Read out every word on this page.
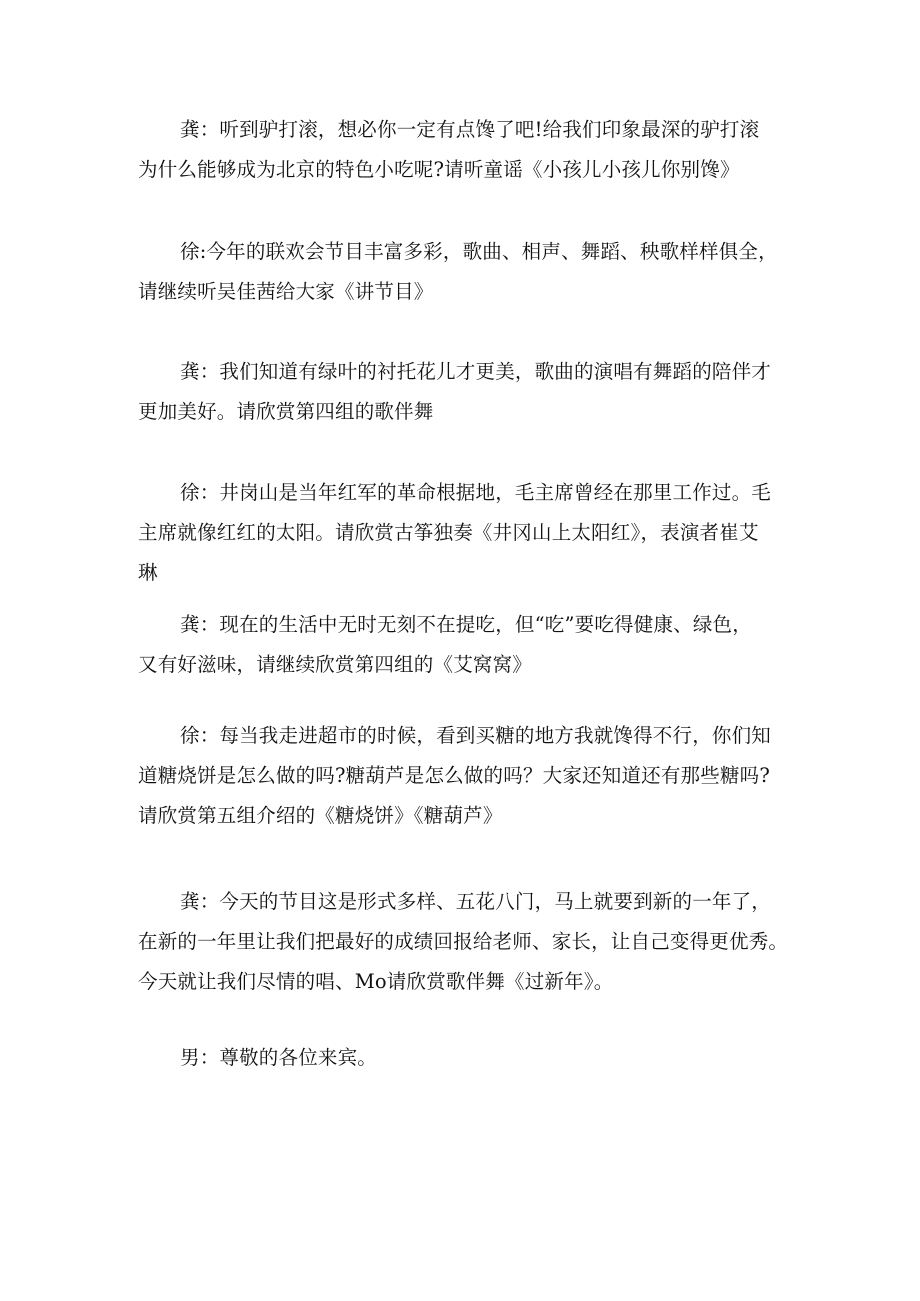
龚：听到驴打滚，想必你一定有点馋了吧!给我们印象最深的驴打滚
为什么能够成为北京的特色小吃呢?请听童谣《小孩儿小孩儿你别馋》

徐:今年的联欢会节目丰富多彩，歌曲、相声、舞蹈、秧歌样样俱全，
请继续听吴佳茜给大家《讲节目》

龚：我们知道有绿叶的衬托花儿才更美，歌曲的演唱有舞蹈的陪伴才
更加美好。请欣赏第四组的歌伴舞

徐：井岗山是当年红军的革命根据地，毛主席曾经在那里工作过。毛
主席就像红红的太阳。请欣赏古筝独奏《井冈山上太阳红》，表演者崔艾
琳

龚：现在的生活中无时无刻不在提吃，但“吃”要吃得健康、绿色，
又有好滋味，请继续欣赏第四组的《艾窝窝》

徐：每当我走进超市的时候，看到买糖的地方我就馋得不行，你们知
道糖烧饼是怎么做的吗?糖葫芦是怎么做的吗？大家还知道还有那些糖吗?
请欣赏第五组介绍的《糖烧饼》《糖葫芦》

龚：今天的节目这是形式多样、五花八门，马上就要到新的一年了，
在新的一年里让我们把最好的成绩回报给老师、家长，让自己变得更优秀。
今天就让我们尽情的唱、Mo请欣赏歌伴舞《过新年》。

男：尊敬的各位来宾。
